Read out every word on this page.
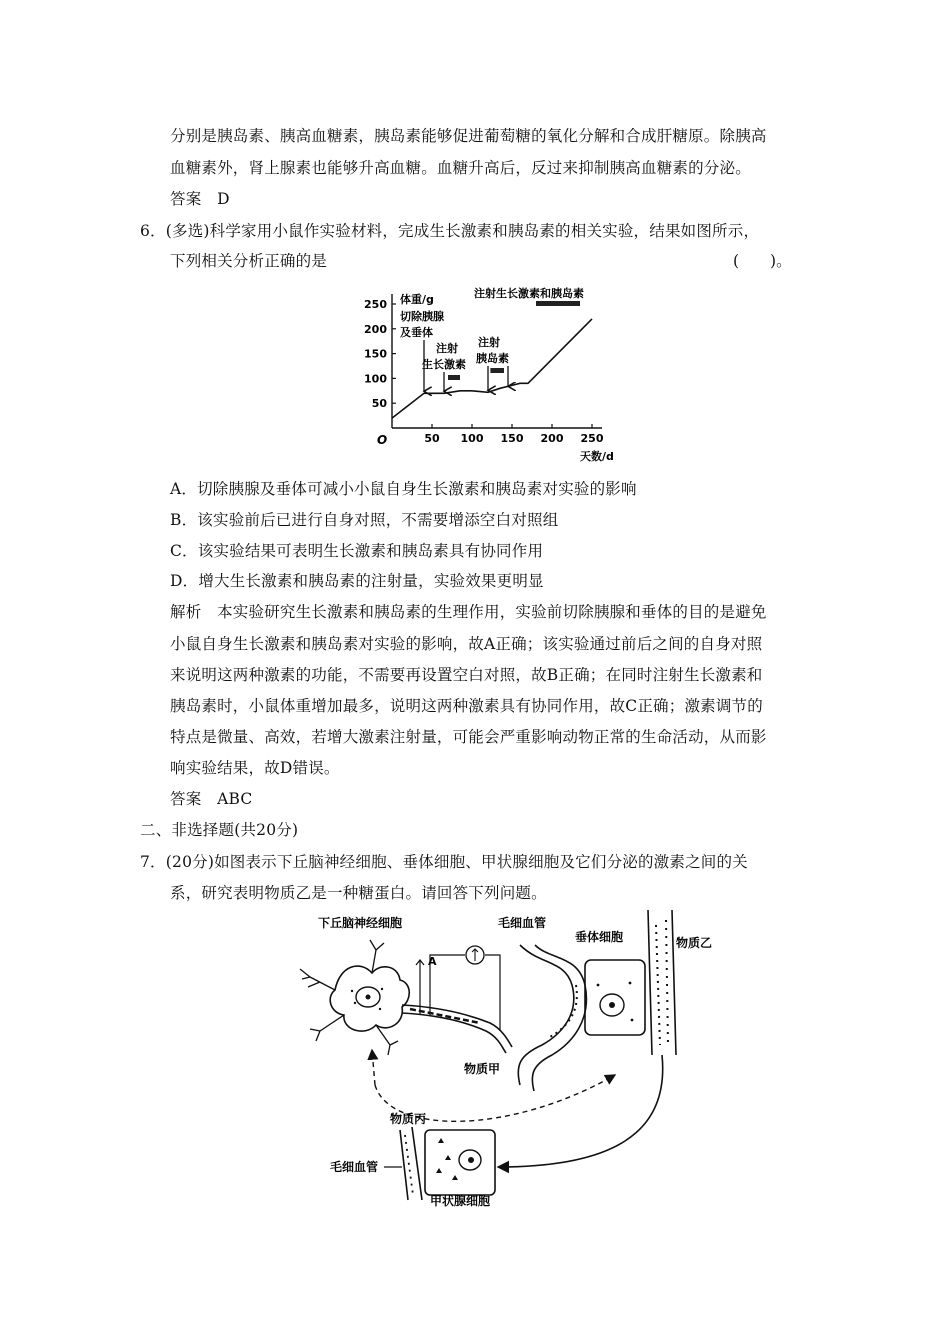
分别是胰岛素、胰高血糖素，胰岛素能够促进葡萄糖的氧化分解和合成肝糖原。除胰高
血糖素外，肾上腺素也能够升高血糖。血糖升高后，反过来抑制胰高血糖素的分泌。
答案　D
6．(多选)科学家用小鼠作实验材料，完成生长激素和胰岛素的相关实验，结果如图所示，
下列相关分析正确的是	(　　)。
50 100 150 200 250
50
100
150
200
250 体重/g
天数/d
O
切除胰腺
及垂体
注射
生长激素
注射
胰岛素
注射生长激素和胰岛素
A．切除胰腺及垂体可减小小鼠自身生长激素和胰岛素对实验的影响
B．该实验前后已进行自身对照，不需要增添空白对照组
C．该实验结果可表明生长激素和胰岛素具有协同作用
D．增大生长激素和胰岛素的注射量，实验效果更明显
解析　本实验研究生长激素和胰岛素的生理作用，实验前切除胰腺和垂体的目的是避免
小鼠自身生长激素和胰岛素对实验的影响，故A正确；该实验通过前后之间的自身对照
来说明这两种激素的功能，不需要再设置空白对照，故B正确；在同时注射生长激素和
胰岛素时，小鼠体重增加最多，说明这两种激素具有协同作用，故C正确；激素调节的
特点是微量、高效，若增大激素注射量，可能会严重影响动物正常的生命活动，从而影
响实验结果，故D错误。
答案　ABC
二、非选择题(共20分)
7．(20分)如图表示下丘脑神经细胞、垂体细胞、甲状腺细胞及它们分泌的激素之间的关
系，研究表明物质乙是一种糖蛋白。请回答下列问题。
下丘脑神经细胞
A
毛细血管
物质甲
垂体细胞	物质乙
物质丙
毛细血管
甲状腺细胞
